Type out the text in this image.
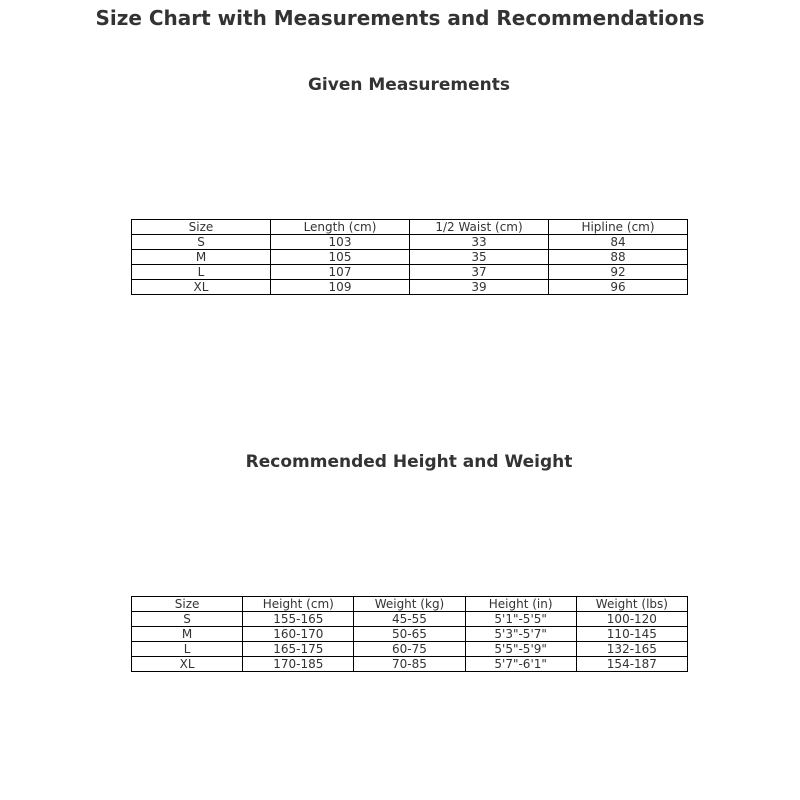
Size Chart with Measurements and Recommendations
Given Measurements
Size	Length (cm)	1/2 Waist (cm)	Hipline (cm)
S	103	33	84
M	105	35	88
L	107	37	92
XL	109	39	96
Recommended Height and Weight
Size	Height (cm)	Weight (kg)	Height (in)	Weight (lbs)
S	155-165	45-55	5'1"-5'5"	100-120
M	160-170	50-65	5'3"-5'7"	110-145
L	165-175	60-75	5'5"-5'9"	132-165
XL	170-185	70-85	5'7"-6'1"	154-187
